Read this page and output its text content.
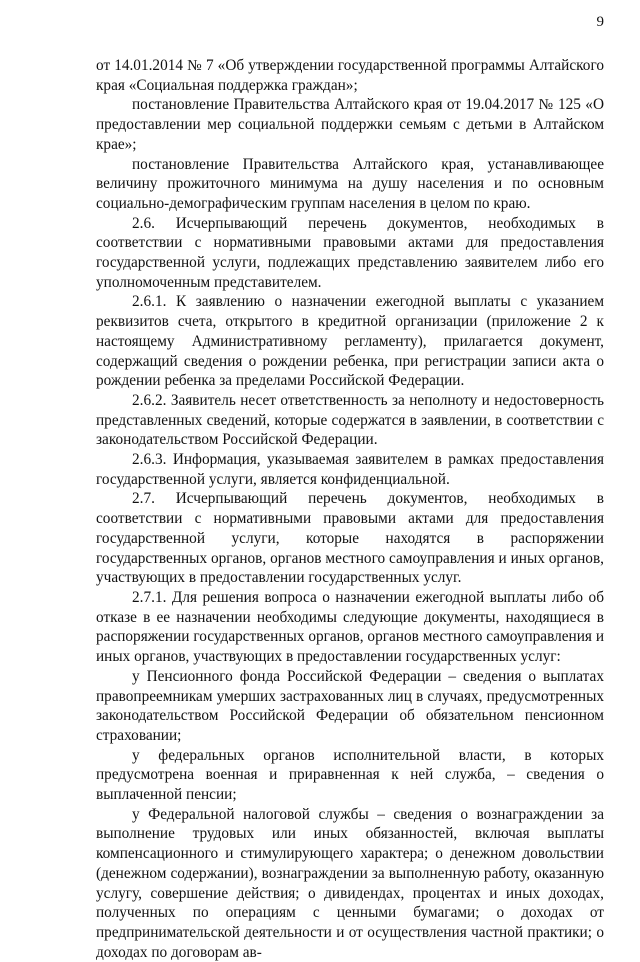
9

от 14.01.2014 № 7 «Об утверждении государственной программы Алтайского края «Социальная поддержка граждан»;

постановление Правительства Алтайского края от 19.04.2017 № 125 «О предоставлении мер социальной поддержки семьям с детьми в Алтайском крае»;

постановление Правительства Алтайского края, устанавливающее величину прожиточного минимума на душу населения и по основным социально-демографическим группам населения в целом по краю.

2.6. Исчерпывающий перечень документов, необходимых в соответствии с нормативными правовыми актами для предоставления государственной услуги, подлежащих представлению заявителем либо его уполномоченным представителем.

2.6.1. К заявлению о назначении ежегодной выплаты с указанием реквизитов счета, открытого в кредитной организации (приложение 2 к настоящему Административному регламенту), прилагается документ, содержащий сведения о рождении ребенка, при регистрации записи акта о рождении ребенка за пределами Российской Федерации.

2.6.2. Заявитель несет ответственность за неполноту и недостоверность представленных сведений, которые содержатся в заявлении, в соответствии с законодательством Российской Федерации.

2.6.3. Информация, указываемая заявителем в рамках предоставления государственной услуги, является конфиденциальной.

2.7. Исчерпывающий перечень документов, необходимых в соответствии с нормативными правовыми актами для предоставления государственной услуги, которые находятся в распоряжении государственных органов, органов местного самоуправления и иных органов, участвующих в предоставлении государственных услуг.

2.7.1. Для решения вопроса о назначении ежегодной выплаты либо об отказе в ее назначении необходимы следующие документы, находящиеся в распоряжении государственных органов, органов местного самоуправления и иных органов, участвующих в предоставлении государственных услуг:

у Пенсионного фонда Российской Федерации – сведения о выплатах правопреемникам умерших застрахованных лиц в случаях, предусмотренных законодательством Российской Федерации об обязательном пенсионном страховании;

у федеральных органов исполнительной власти, в которых предусмотрена военная и приравненная к ней служба, – сведения о выплаченной пенсии;

у Федеральной налоговой службы – сведения о вознаграждении за выполнение трудовых или иных обязанностей, включая выплаты компенсационного и стимулирующего характера; о денежном довольствии (денежном содержании), вознаграждении за выполненную работу, оказанную услугу, совершение действия; о дивидендах, процентах и иных доходах, полученных по операциям с ценными бумагами; о доходах от предпринимательской деятельности и от осуществления частной практики; о доходах по договорам ав-
